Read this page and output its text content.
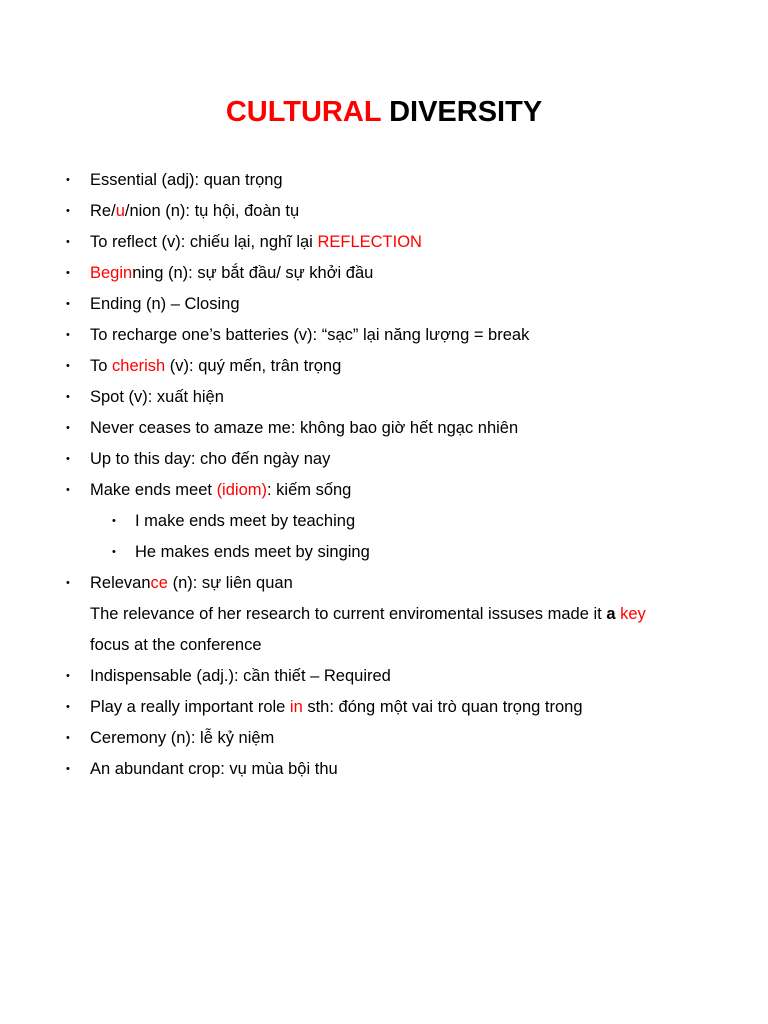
CULTURAL DIVERSITY
• Essential (adj): quan trọng
• Re/u/nion (n): tụ hội, đoàn tụ
• To reflect (v): chiếu lại, nghĩ lại REFLECTION
• Beginning (n): sự bắt đầu/ sự khởi đầu
• Ending (n) – Closing
• To recharge one’s batteries (v): “sạc” lại năng lượng = break
• To cherish (v): quý mến, trân trọng
• Spot (v): xuất hiện
• Never ceases to amaze me: không bao giờ hết ngạc nhiên
• Up to this day: cho đến ngày nay
• Make ends meet (idiom): kiếm sống
• I make ends meet by teaching
• He makes ends meet by singing
• Relevance (n): sự liên quan
The relevance of her research to current enviromental issuses made it a key
focus at the conference
• Indispensable (adj.): cần thiết – Required
• Play a really important role in sth: đóng một vai trò quan trọng trong
• Ceremony (n): lễ kỷ niệm
• An abundant crop: vụ mùa bội thu
